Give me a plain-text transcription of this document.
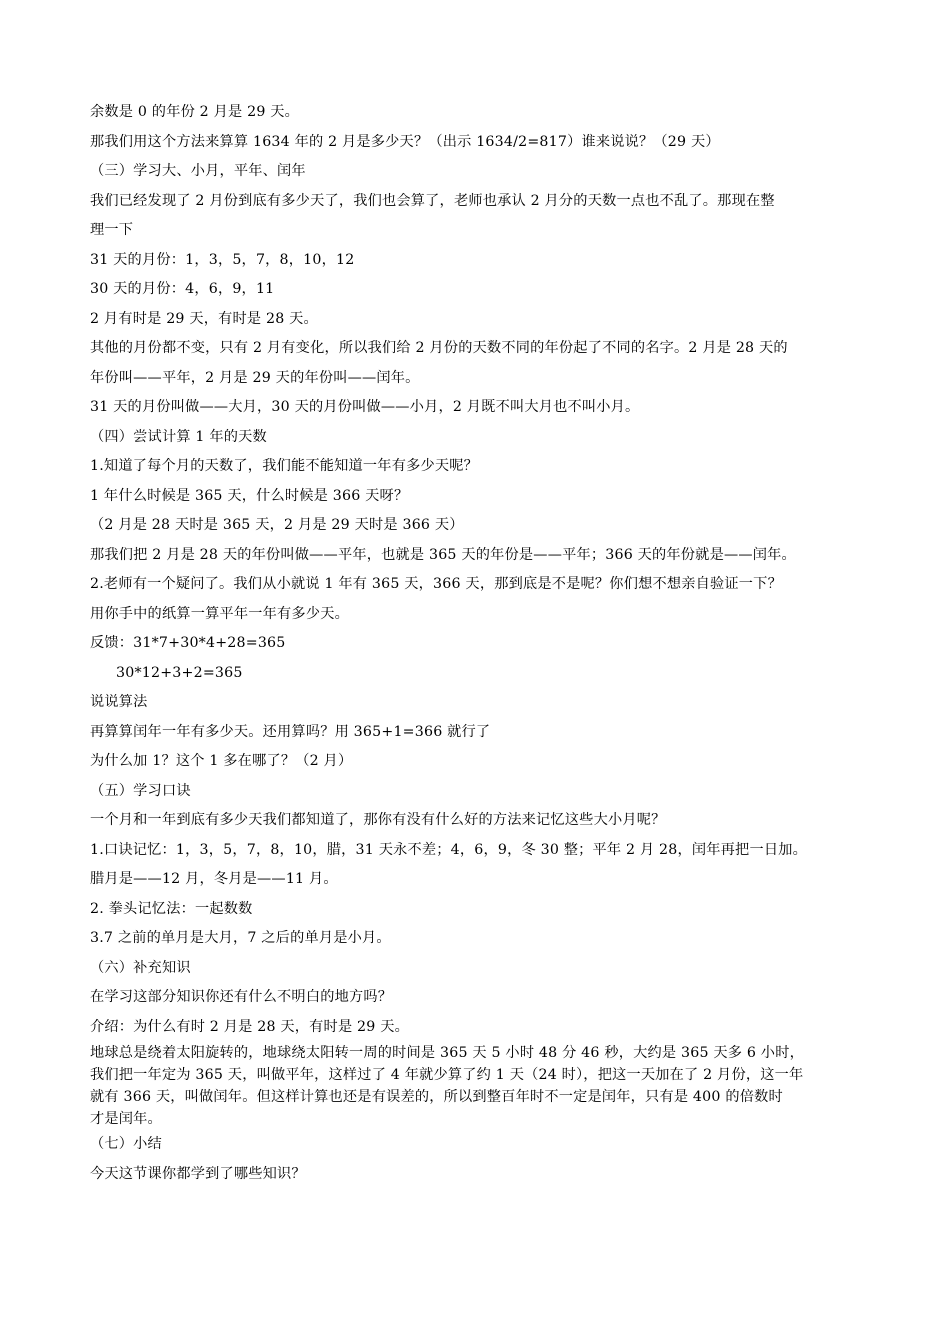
余数是 0 的年份 2 月是 29 天。
那我们用这个方法来算算 1634 年的 2 月是多少天？（出示 1634/2=817）谁来说说？（29 天）
（三）学习大、小月，平年、闰年
我们已经发现了 2 月份到底有多少天了，我们也会算了，老师也承认 2 月分的天数一点也不乱了。那现在整
理一下
31 天的月份：1，3，5，7，8，10，12
30 天的月份：4，6，9，11
2 月有时是 29 天，有时是 28 天。
其他的月份都不变，只有 2 月有变化，所以我们给 2 月份的天数不同的年份起了不同的名字。2 月是 28 天的
年份叫——平年，2 月是 29 天的年份叫——闰年。
31 天的月份叫做——大月，30 天的月份叫做——小月，2 月既不叫大月也不叫小月。
（四）尝试计算 1 年的天数
1.知道了每个月的天数了，我们能不能知道一年有多少天呢？
1 年什么时候是 365 天，什么时候是 366 天呀？
（2 月是 28 天时是 365 天，2 月是 29 天时是 366 天）
那我们把 2 月是 28 天的年份叫做——平年，也就是 365 天的年份是——平年；366 天的年份就是——闰年。
2.老师有一个疑问了。我们从小就说 1 年有 365 天，366 天，那到底是不是呢？你们想不想亲自验证一下？
用你手中的纸算一算平年一年有多少天。
反馈：31*7+30*4+28=365
30*12+3+2=365
说说算法
再算算闰年一年有多少天。还用算吗？用 365+1=366 就行了
为什么加 1？这个 1 多在哪了？（2 月）
（五）学习口诀
一个月和一年到底有多少天我们都知道了，那你有没有什么好的方法来记忆这些大小月呢？
1.口诀记忆：1，3，5，7，8，10，腊，31 天永不差；4，6，9，冬 30 整；平年 2 月 28，闰年再把一日加。
腊月是——12 月，冬月是——11 月。
2. 拳头记忆法：一起数数
3.7 之前的单月是大月，7 之后的单月是小月。
（六）补充知识
在学习这部分知识你还有什么不明白的地方吗？
介绍：为什么有时 2 月是 28 天，有时是 29 天。
地球总是绕着太阳旋转的，地球绕太阳转一周的时间是 365 天 5 小时 48 分 46 秒，大约是 365 天多 6 小时，
我们把一年定为 365 天，叫做平年，这样过了 4 年就少算了约 1 天（24 时），把这一天加在了 2 月份，这一年
就有 366 天，叫做闰年。但这样计算也还是有误差的，所以到整百年时不一定是闰年，只有是 400 的倍数时
才是闰年。
（七）小结
今天这节课你都学到了哪些知识？
